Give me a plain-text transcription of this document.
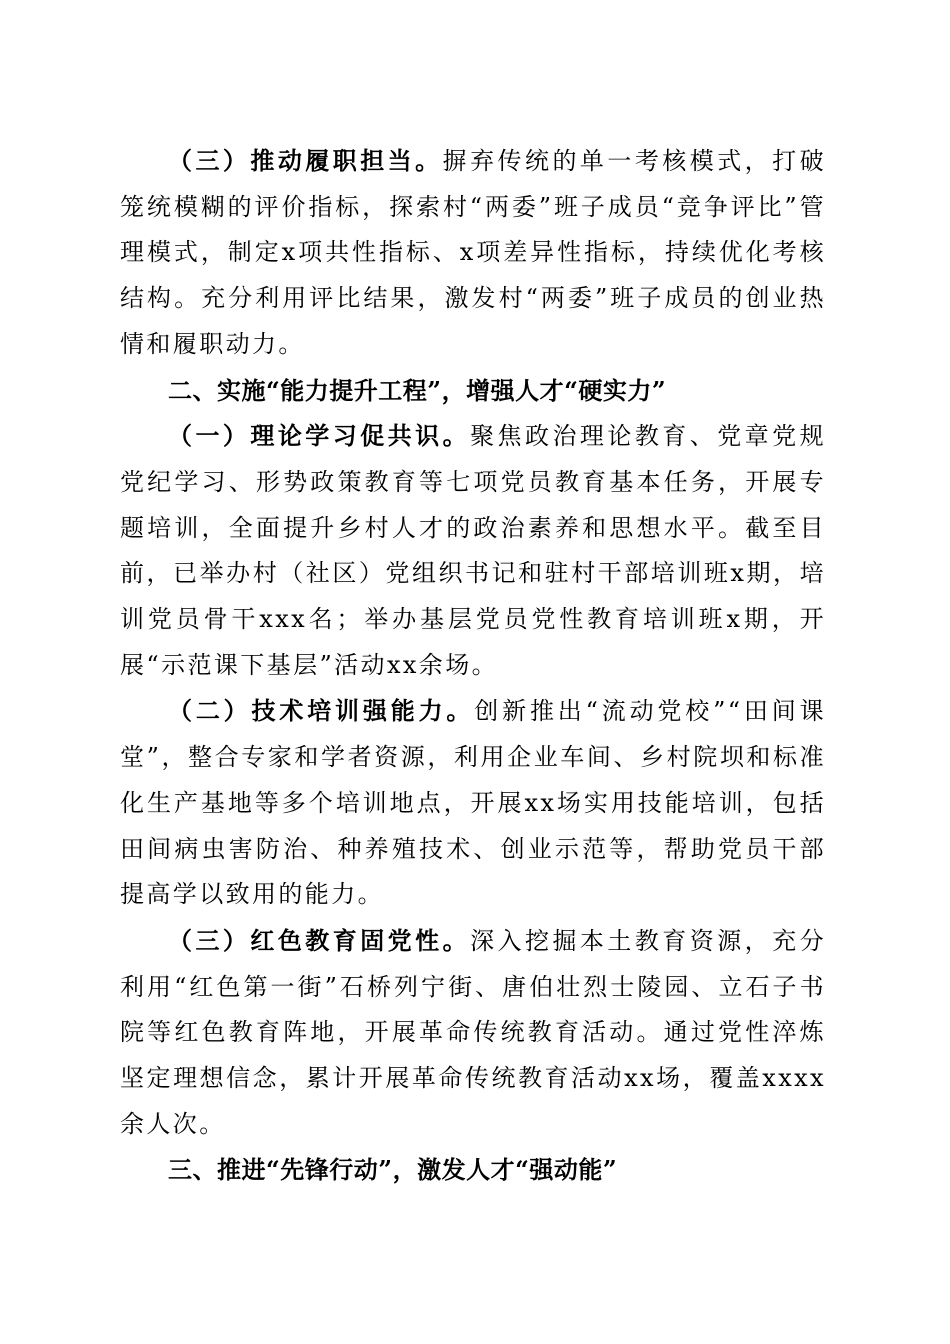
（三）推动履职担当。摒弃传统的单一考核模式，打破笼统模糊的评价指标，探索村“两委”班子成员“竞争评比”管理模式，制定x项共性指标、x项差异性指标，持续优化考核结构。充分利用评比结果，激发村“两委”班子成员的创业热情和履职动力。

二、实施“能力提升工程”，增强人才“硬实力”

（一）理论学习促共识。聚焦政治理论教育、党章党规党纪学习、形势政策教育等七项党员教育基本任务，开展专题培训，全面提升乡村人才的政治素养和思想水平。截至目前，已举办村（社区）党组织书记和驻村干部培训班x期，培训党员骨干xxx名；举办基层党员党性教育培训班x期，开展“示范课下基层”活动xx余场。

（二）技术培训强能力。创新推出“流动党校”“田间课堂”，整合专家和学者资源，利用企业车间、乡村院坝和标准化生产基地等多个培训地点，开展xx场实用技能培训，包括田间病虫害防治、种养殖技术、创业示范等，帮助党员干部提高学以致用的能力。

（三）红色教育固党性。深入挖掘本土教育资源，充分利用“红色第一街”石桥列宁街、唐伯壮烈士陵园、立石子书院等红色教育阵地，开展革命传统教育活动。通过党性淬炼坚定理想信念，累计开展革命传统教育活动xx场，覆盖xxxx余人次。

三、推进“先锋行动”，激发人才“强动能”
